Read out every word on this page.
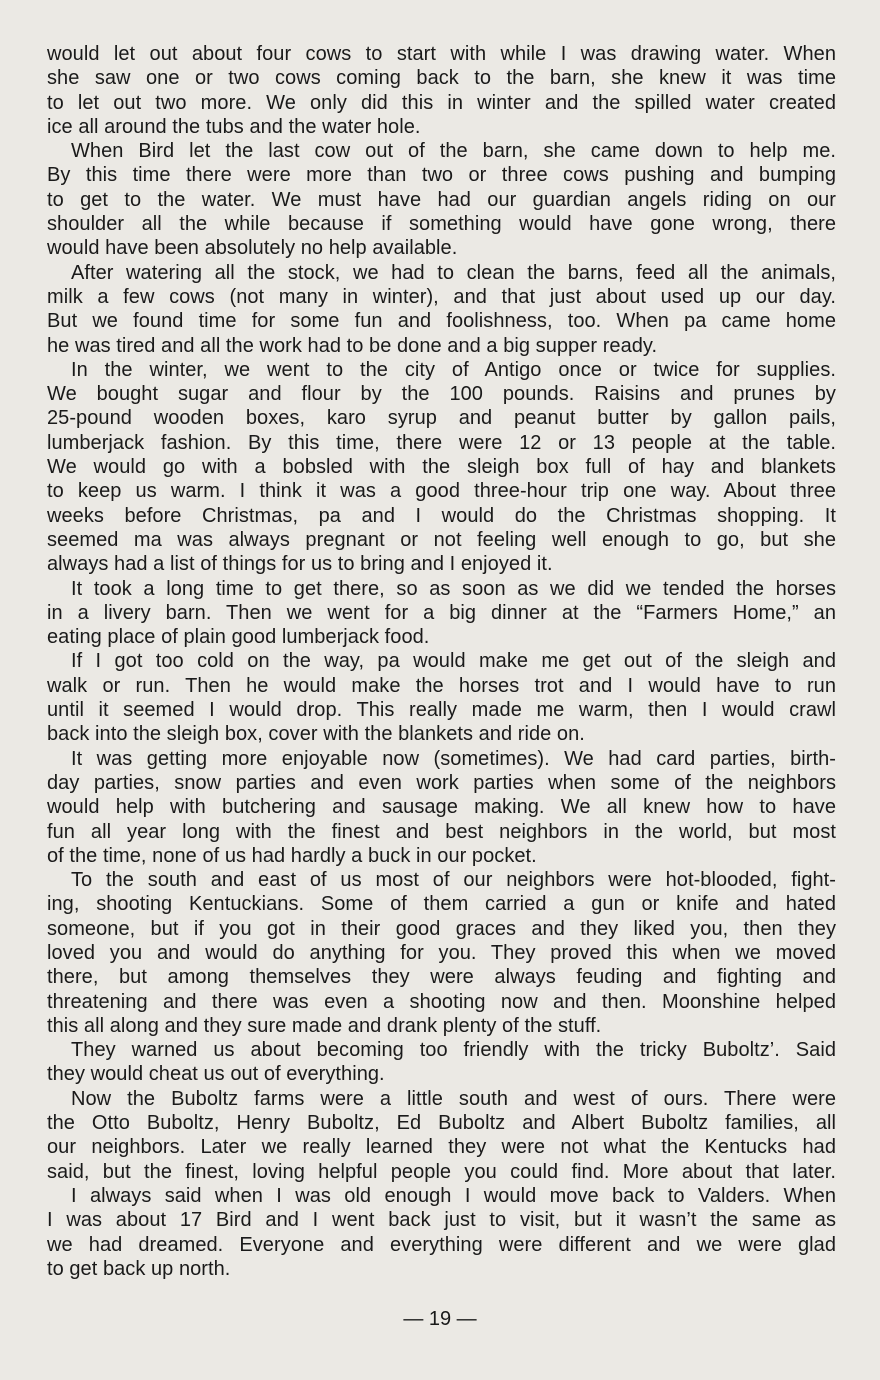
would let out about four cows to start with while I was drawing water. When
she saw one or two cows coming back to the barn, she knew it was time
to let out two more. We only did this in winter and the spilled water created
ice all around the tubs and the water hole.
When Bird let the last cow out of the barn, she came down to help me.
By this time there were more than two or three cows pushing and bumping
to get to the water. We must have had our guardian angels riding on our
shoulder all the while because if something would have gone wrong, there
would have been absolutely no help available.
After watering all the stock, we had to clean the barns, feed all the animals,
milk a few cows (not many in winter), and that just about used up our day.
But we found time for some fun and foolishness, too. When pa came home
he was tired and all the work had to be done and a big supper ready.
In the winter, we went to the city of Antigo once or twice for supplies.
We bought sugar and flour by the 100 pounds. Raisins and prunes by
25-pound wooden boxes, karo syrup and peanut butter by gallon pails,
lumberjack fashion. By this time, there were 12 or 13 people at the table.
We would go with a bobsled with the sleigh box full of hay and blankets
to keep us warm. I think it was a good three-hour trip one way. About three
weeks before Christmas, pa and I would do the Christmas shopping. It
seemed ma was always pregnant or not feeling well enough to go, but she
always had a list of things for us to bring and I enjoyed it.
It took a long time to get there, so as soon as we did we tended the horses
in a livery barn. Then we went for a big dinner at the “Farmers Home,” an
eating place of plain good lumberjack food.
If I got too cold on the way, pa would make me get out of the sleigh and
walk or run. Then he would make the horses trot and I would have to run
until it seemed I would drop. This really made me warm, then I would crawl
back into the sleigh box, cover with the blankets and ride on.
It was getting more enjoyable now (sometimes). We had card parties, birth-
day parties, snow parties and even work parties when some of the neighbors
would help with butchering and sausage making. We all knew how to have
fun all year long with the finest and best neighbors in the world, but most
of the time, none of us had hardly a buck in our pocket.
To the south and east of us most of our neighbors were hot-blooded, fight-
ing, shooting Kentuckians. Some of them carried a gun or knife and hated
someone, but if you got in their good graces and they liked you, then they
loved you and would do anything for you. They proved this when we moved
there, but among themselves they were always feuding and fighting and
threatening and there was even a shooting now and then. Moonshine helped
this all along and they sure made and drank plenty of the stuff.
They warned us about becoming too friendly with the tricky Buboltz’. Said
they would cheat us out of everything.
Now the Buboltz farms were a little south and west of ours. There were
the Otto Buboltz, Henry Buboltz, Ed Buboltz and Albert Buboltz families, all
our neighbors. Later we really learned they were not what the Kentucks had
said, but the finest, loving helpful people you could find. More about that later.
I always said when I was old enough I would move back to Valders. When
I was about 17 Bird and I went back just to visit, but it wasn’t the same as
we had dreamed. Everyone and everything were different and we were glad
to get back up north.
— 19 —
